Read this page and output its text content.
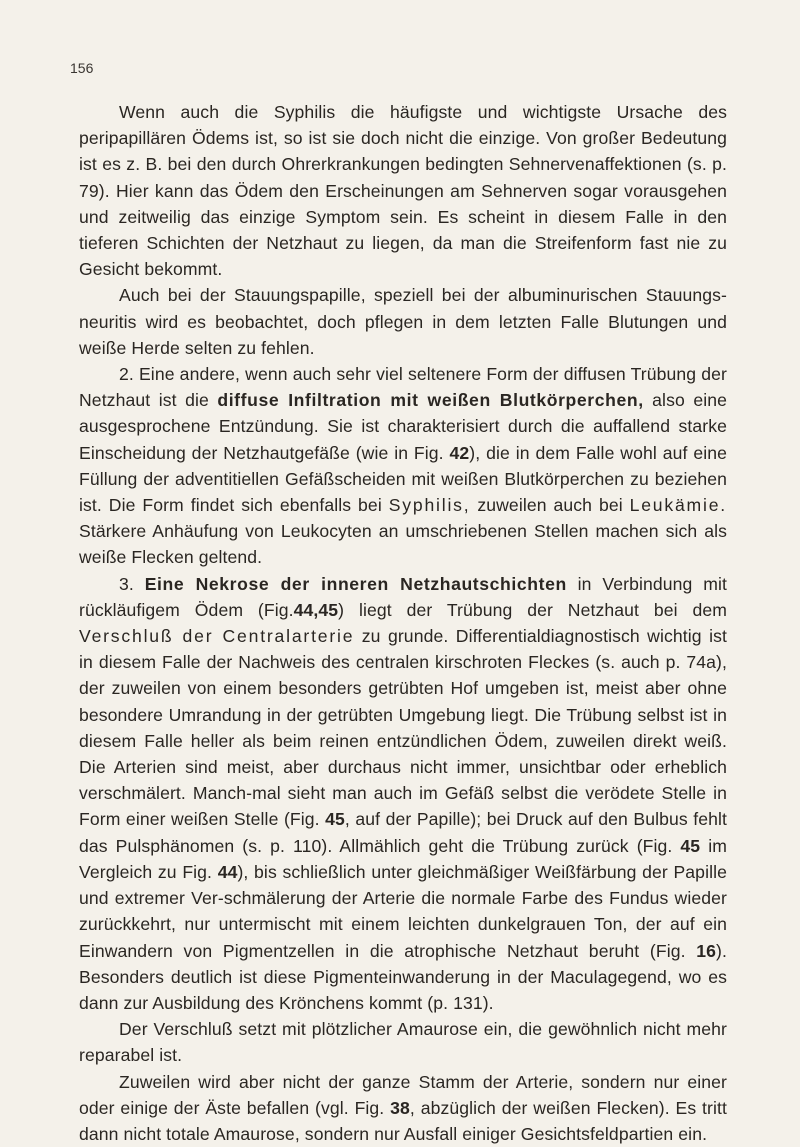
156

Wenn auch die Syphilis die häufigste und wichtigste Ursache des peripapillären Ödems ist, so ist sie doch nicht die einzige. Von großer Bedeutung ist es z. B. bei den durch Ohrerkrankungen bedingten Sehnervenaffektionen (s. p. 79). Hier kann das Ödem den Erscheinungen am Sehnerven sogar vorausgehen und zeitweilig das einzige Symptom sein. Es scheint in diesem Falle in den tieferen Schichten der Netzhaut zu liegen, da man die Streifenform fast nie zu Gesicht bekommt.

Auch bei der Stauungspapille, speziell bei der albuminurischen Stauungs-neuritis wird es beobachtet, doch pflegen in dem letzten Falle Blutungen und weiße Herde selten zu fehlen.

2. Eine andere, wenn auch sehr viel seltenere Form der diffusen Trübung der Netzhaut ist die diffuse Infiltration mit weißen Blutkörperchen, also eine ausgesprochene Entzündung. Sie ist charakterisiert durch die auffallend starke Einscheidung der Netzhautgefäße (wie in Fig. 42), die in dem Falle wohl auf eine Füllung der adventitiellen Gefäßscheiden mit weißen Blutkörperchen zu beziehen ist. Die Form findet sich ebenfalls bei Syphilis, zuweilen auch bei Leukämie. Stärkere Anhäufung von Leukocyten an umschriebenen Stellen machen sich als weiße Flecken geltend.

3. Eine Nekrose der inneren Netzhautschichten in Verbindung mit rückläufigem Ödem (Fig.44,45) liegt der Trübung der Netzhaut bei dem Verschluß der Centralarterie zu grunde. Differentialdiagnostisch wichtig ist in diesem Falle der Nachweis des centralen kirschroten Fleckes (s. auch p. 74a), der zuweilen von einem besonders getrübten Hof umgeben ist, meist aber ohne besondere Umrandung in der getrübten Umgebung liegt. Die Trübung selbst ist in diesem Falle heller als beim reinen entzündlichen Ödem, zuweilen direkt weiß. Die Arterien sind meist, aber durchaus nicht immer, unsichtbar oder erheblich verschmälert. Manch-mal sieht man auch im Gefäß selbst die verödete Stelle in Form einer weißen Stelle (Fig. 45, auf der Papille); bei Druck auf den Bulbus fehlt das Pulsphänomen (s. p. 110). Allmählich geht die Trübung zurück (Fig. 45 im Vergleich zu Fig. 44), bis schließlich unter gleichmäßiger Weißfärbung der Papille und extremer Ver-schmälerung der Arterie die normale Farbe des Fundus wieder zurückkehrt, nur untermischt mit einem leichten dunkelgrauen Ton, der auf ein Einwandern von Pigmentzellen in die atrophische Netzhaut beruht (Fig. 16). Besonders deutlich ist diese Pigmenteinwanderung in der Maculagegend, wo es dann zur Ausbildung des Krönchens kommt (p. 131).

Der Verschluß setzt mit plötzlicher Amaurose ein, die gewöhnlich nicht mehr reparabel ist.

Zuweilen wird aber nicht der ganze Stamm der Arterie, sondern nur einer oder einige der Äste befallen (vgl. Fig. 38, abzüglich der weißen Flecken). Es tritt dann nicht totale Amaurose, sondern nur Ausfall einiger Gesichtsfeldpartien ein.
